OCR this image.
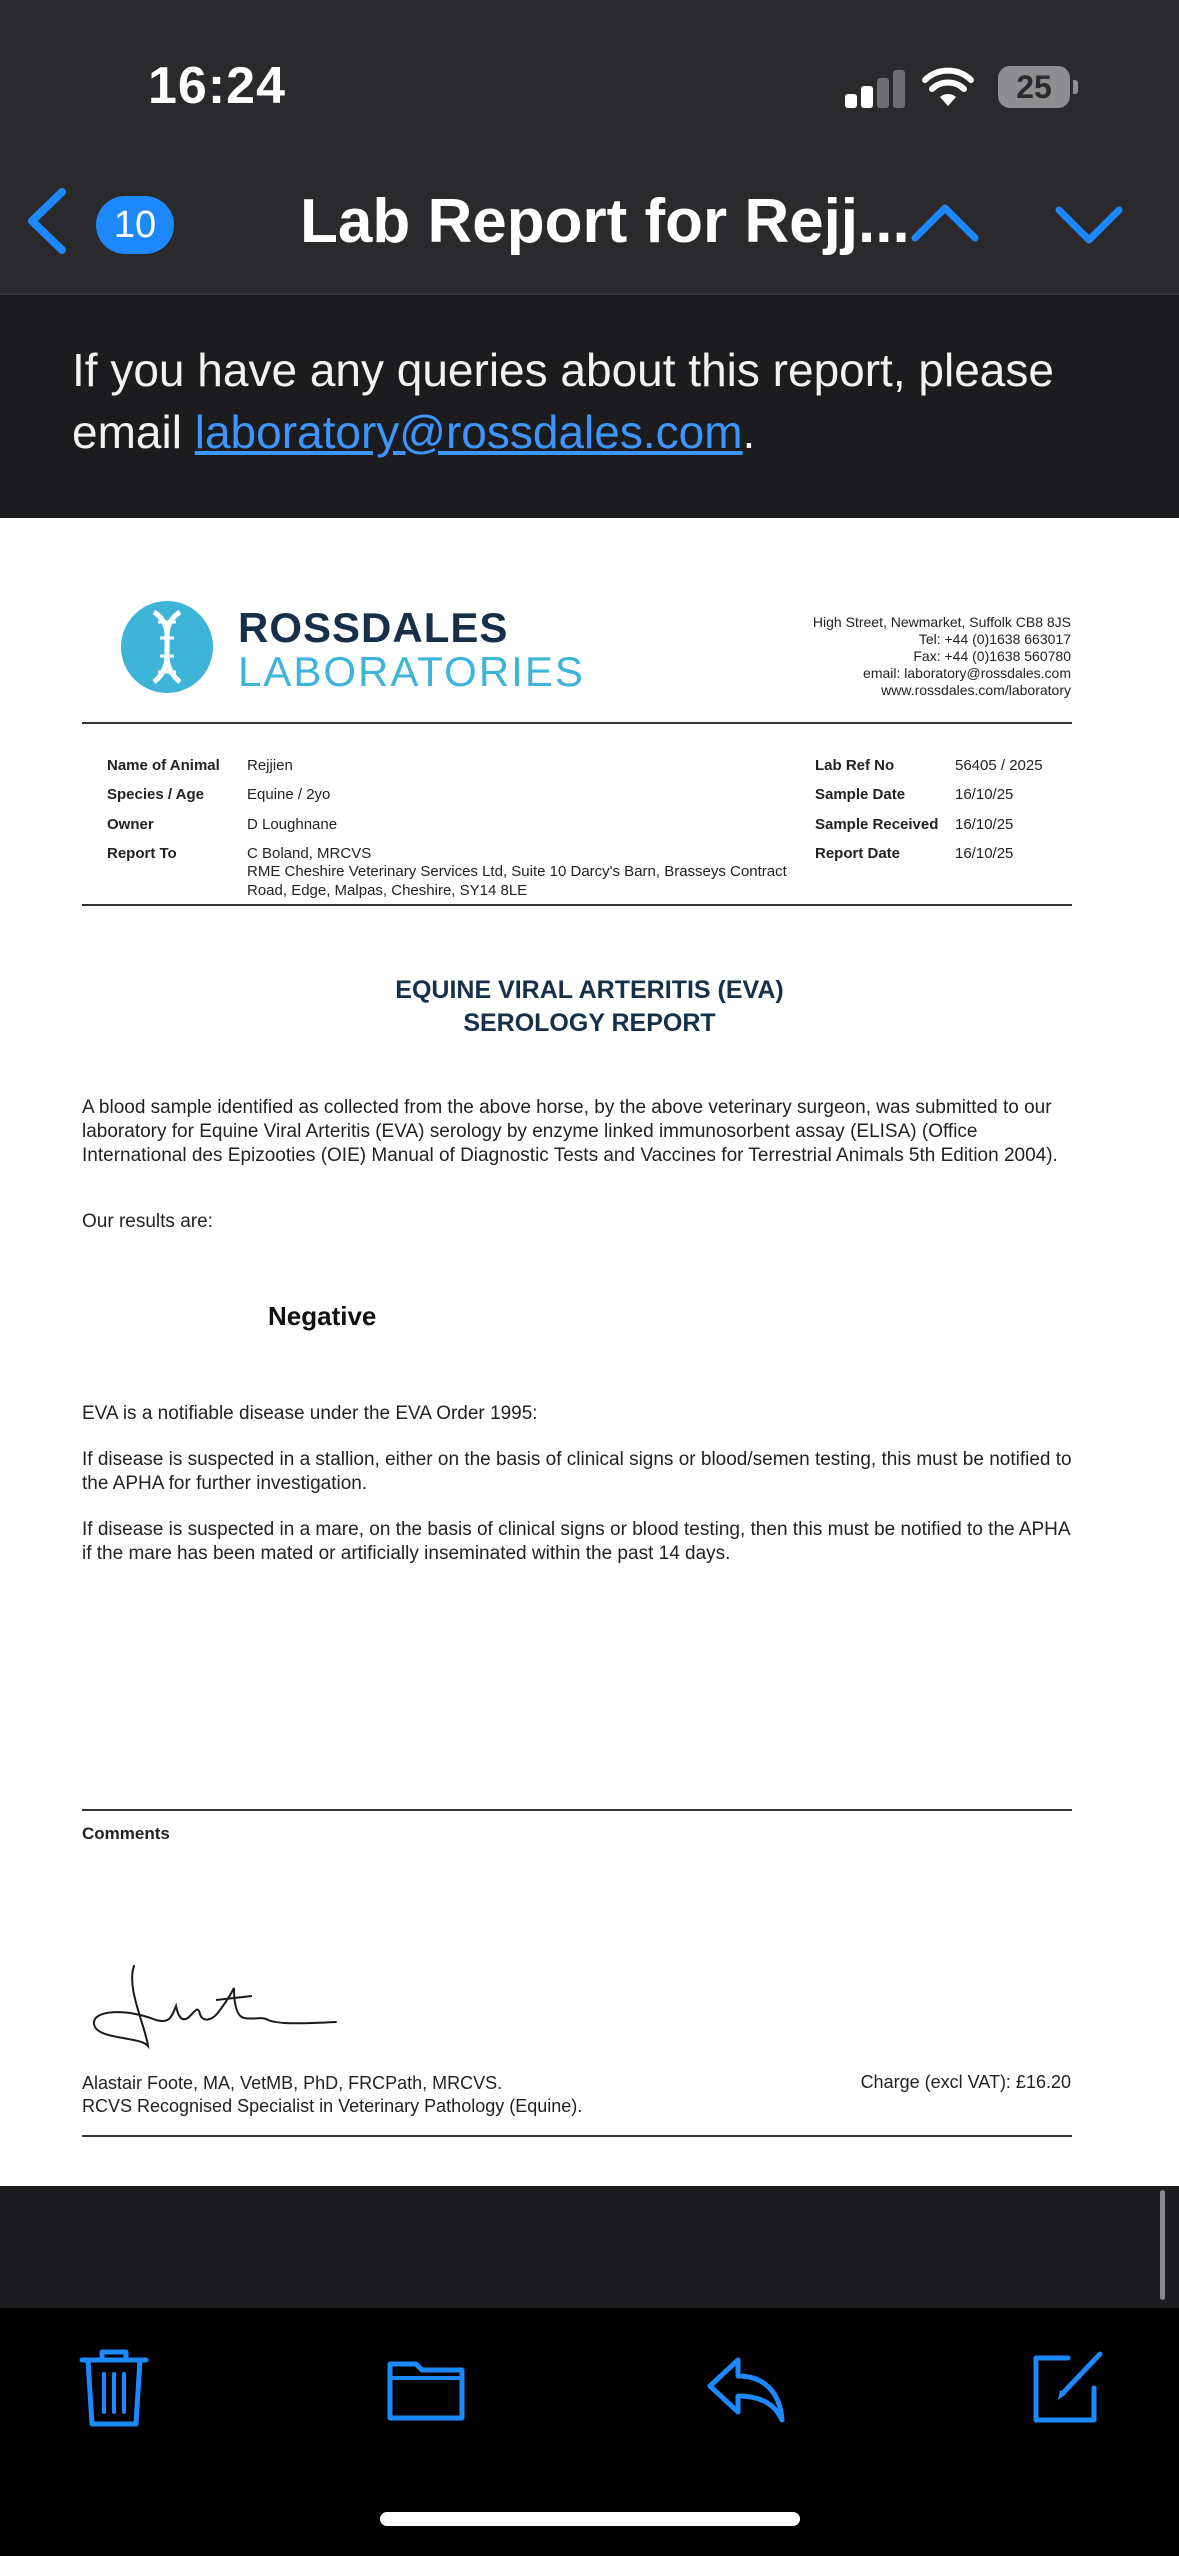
16:24	25
10 Lab Report for Rejj...

If you have any queries about this report, please email laboratory@rossdales.com.

ROSSDALES
LABORATORIES
High Street, Newmarket, Suffolk CB8 8JS
Tel: +44 (0)1638 663017
Fax: +44 (0)1638 560780
email: laboratory@rossdales.com
www.rossdales.com/laboratory
Name of Animal Rejjien
Species / Age	Equine / 2yo
Owner	D Loughnane
Report To	C Boland, MRCVS
RME Cheshire Veterinary Services Ltd, Suite 10 Darcy's Barn, Brasseys Contract
Road, Edge, Malpas, Cheshire, SY14 8LE
Lab Ref No	56405 / 2025
Sample Date	16/10/25
Sample Received 16/10/25
Report Date	16/10/25
EQUINE VIRAL ARTERITIS (EVA)
SEROLOGY REPORT
A blood sample identified as collected from the above horse, by the above veterinary surgeon, was submitted to our laboratory for Equine Viral Arteritis (EVA) serology by enzyme linked immunosorbent assay (ELISA) (Office International des Epizooties (OIE) Manual of Diagnostic Tests and Vaccines for Terrestrial Animals 5th Edition 2004).
Our results are:
Negative
EVA is a notifiable disease under the EVA Order 1995:
If disease is suspected in a stallion, either on the basis of clinical signs or blood/semen testing, this must be notified to the APHA for further investigation.
If disease is suspected in a mare, on the basis of clinical signs or blood testing, then this must be notified to the APHA if the mare has been mated or artificially inseminated within the past 14 days.
Comments
Alastair Foote, MA, VetMB, PhD, FRCPath, MRCVS.
RCVS Recognised Specialist in Veterinary Pathology (Equine).
Charge (excl VAT): £16.20
